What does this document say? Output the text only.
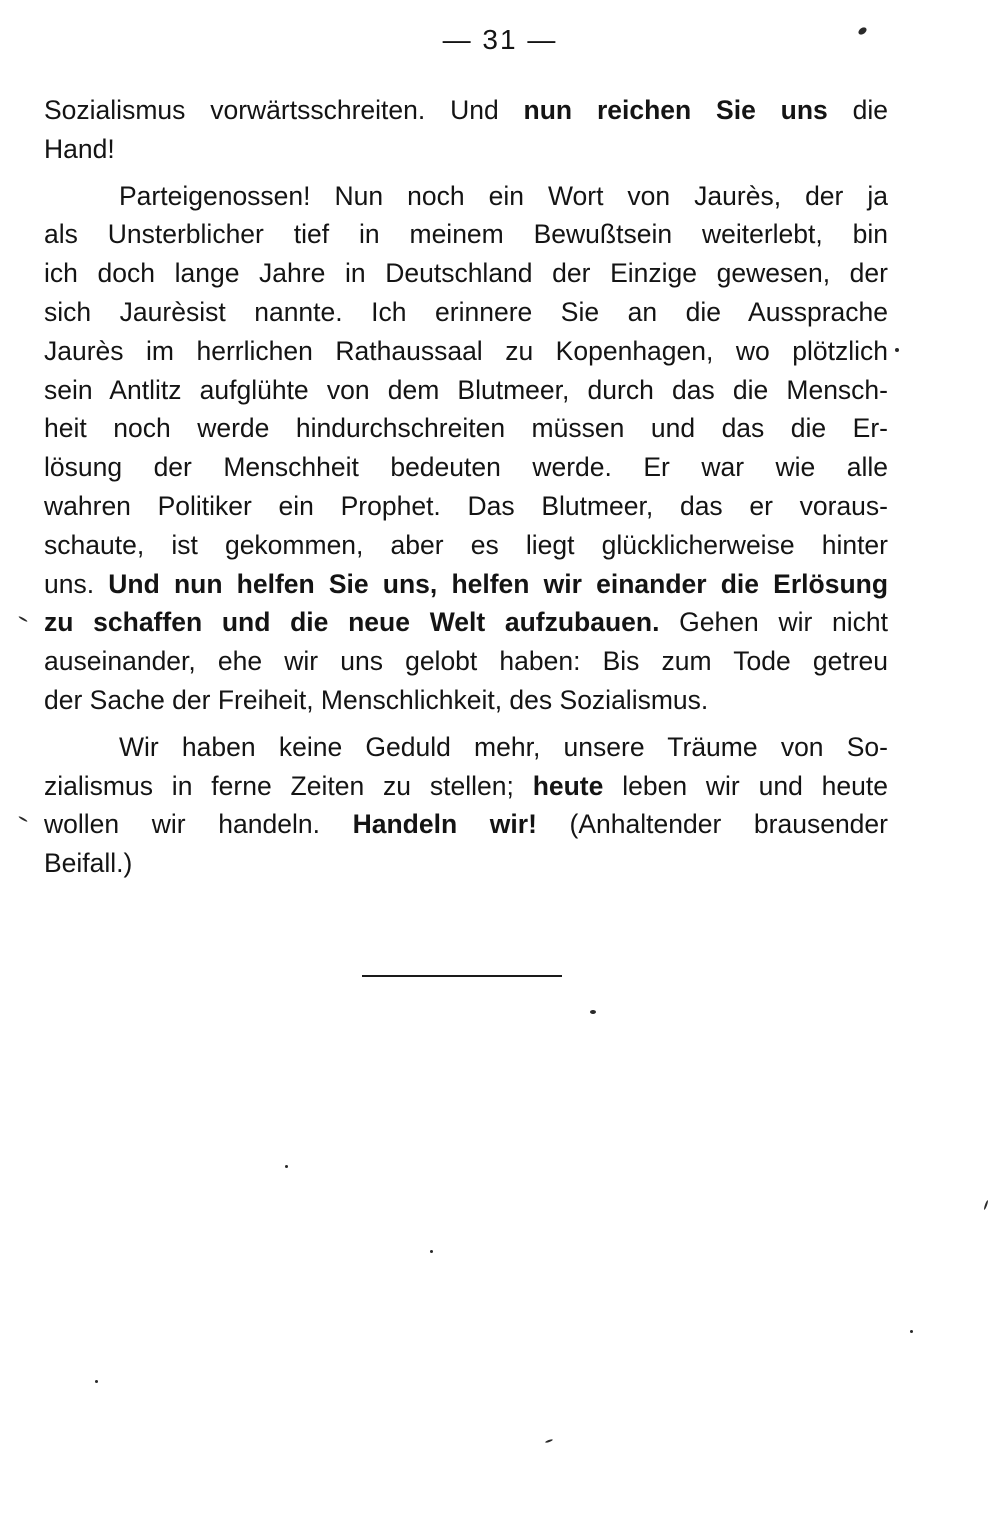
— 31 —
Sozialismus vorwärtsschreiten. Und nun reichen Sie uns die
Hand!
Parteigenossen! Nun noch ein Wort von Jaurès, der ja
als Unsterblicher tief in meinem Bewußtsein weiterlebt, bin
ich doch lange Jahre in Deutschland der Einzige gewesen, der
sich Jaurèsist nannte. Ich erinnere Sie an die Aussprache
Jaurès im herrlichen Rathaussaal zu Kopenhagen, wo plötzlich
sein Antlitz aufglühte von dem Blutmeer, durch das die Mensch-
heit noch werde hindurchschreiten müssen und das die Er-
lösung der Menschheit bedeuten werde. Er war wie alle
wahren Politiker ein Prophet. Das Blutmeer, das er voraus-
schaute, ist gekommen, aber es liegt glücklicherweise hinter
uns. Und nun helfen Sie uns, helfen wir einander die Erlösung
zu schaffen und die neue Welt aufzubauen. Gehen wir nicht
auseinander, ehe wir uns gelobt haben: Bis zum Tode getreu
der Sache der Freiheit, Menschlichkeit, des Sozialismus.
Wir haben keine Geduld mehr, unsere Träume von So-
zialismus in ferne Zeiten zu stellen; heute leben wir und heute
wollen wir handeln. Handeln wir! (Anhaltender brausender
Beifall.)
